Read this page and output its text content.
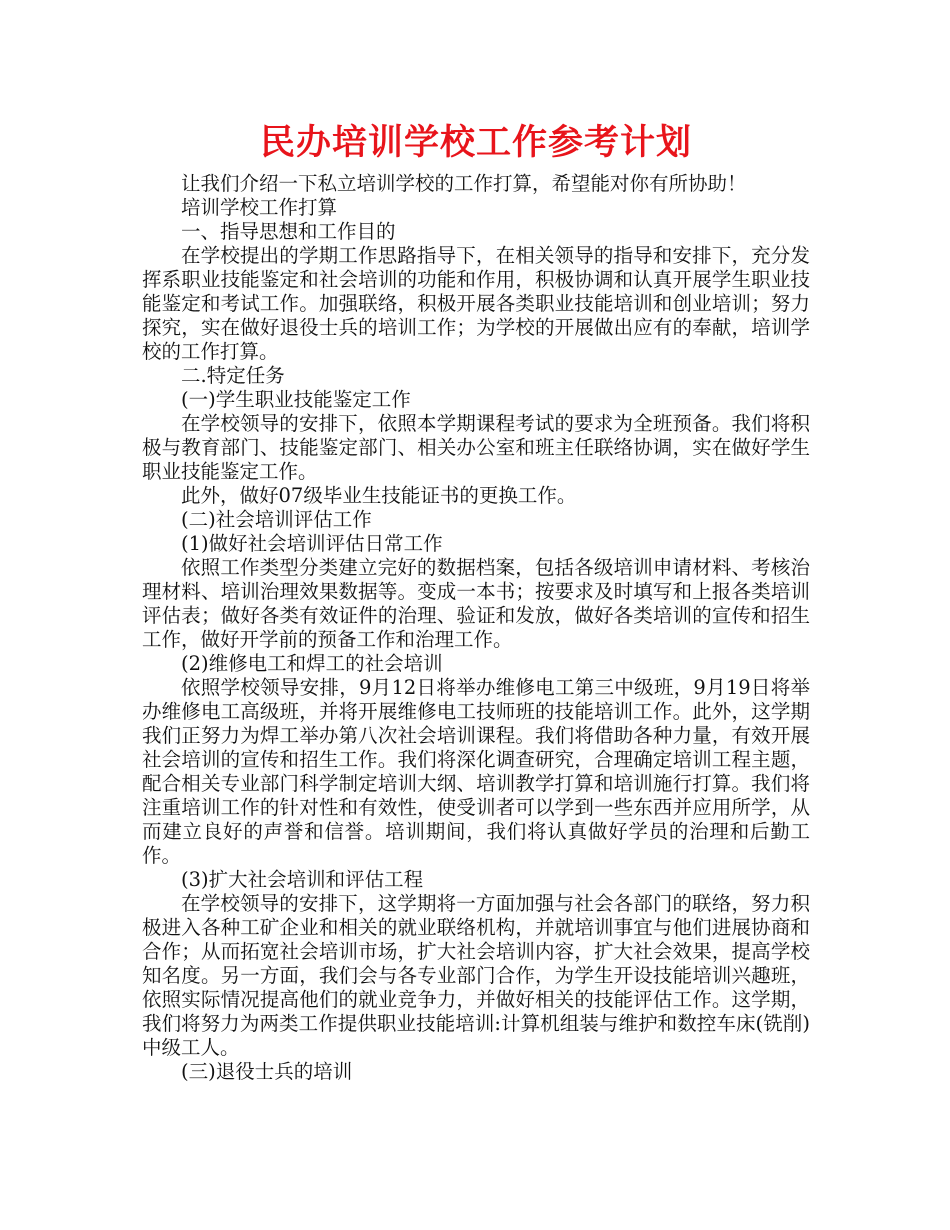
民办培训学校工作参考计划

让我们介绍一下私立培训学校的工作打算，希望能对你有所协助！

培训学校工作打算

一、指导思想和工作目的

在学校提出的学期工作思路指导下，在相关领导的指导和安排下，充分发挥系职业技能鉴定和社会培训的功能和作用，积极协调和认真开展学生职业技能鉴定和考试工作。加强联络，积极开展各类职业技能培训和创业培训；努力探究，实在做好退役士兵的培训工作；为学校的开展做出应有的奉献，培训学校的工作打算。

二.特定任务

(一)学生职业技能鉴定工作

在学校领导的安排下，依照本学期课程考试的要求为全班预备。我们将积极与教育部门、技能鉴定部门、相关办公室和班主任联络协调，实在做好学生职业技能鉴定工作。

此外，做好07级毕业生技能证书的更换工作。

(二)社会培训评估工作

(1)做好社会培训评估日常工作

依照工作类型分类建立完好的数据档案，包括各级培训申请材料、考核治理材料、培训治理效果数据等。变成一本书；按要求及时填写和上报各类培训评估表；做好各类有效证件的治理、验证和发放，做好各类培训的宣传和招生工作，做好开学前的预备工作和治理工作。

(2)维修电工和焊工的社会培训

依照学校领导安排，9月12日将举办维修电工第三中级班，9月19日将举办维修电工高级班，并将开展维修电工技师班的技能培训工作。此外，这学期我们正努力为焊工举办第八次社会培训课程。我们将借助各种力量，有效开展社会培训的宣传和招生工作。我们将深化调查研究，合理确定培训工程主题，配合相关专业部门科学制定培训大纲、培训教学打算和培训施行打算。我们将注重培训工作的针对性和有效性，使受训者可以学到一些东西并应用所学，从而建立良好的声誉和信誉。培训期间，我们将认真做好学员的治理和后勤工作。

(3)扩大社会培训和评估工程

在学校领导的安排下，这学期将一方面加强与社会各部门的联络，努力积极进入各种工矿企业和相关的就业联络机构，并就培训事宜与他们进展协商和合作；从而拓宽社会培训市场，扩大社会培训内容，扩大社会效果，提高学校知名度。另一方面，我们会与各专业部门合作，为学生开设技能培训兴趣班，依照实际情况提高他们的就业竞争力，并做好相关的技能评估工作。这学期，我们将努力为两类工作提供职业技能培训:计算机组装与维护和数控车床(铣削)中级工人。

(三)退役士兵的培训
